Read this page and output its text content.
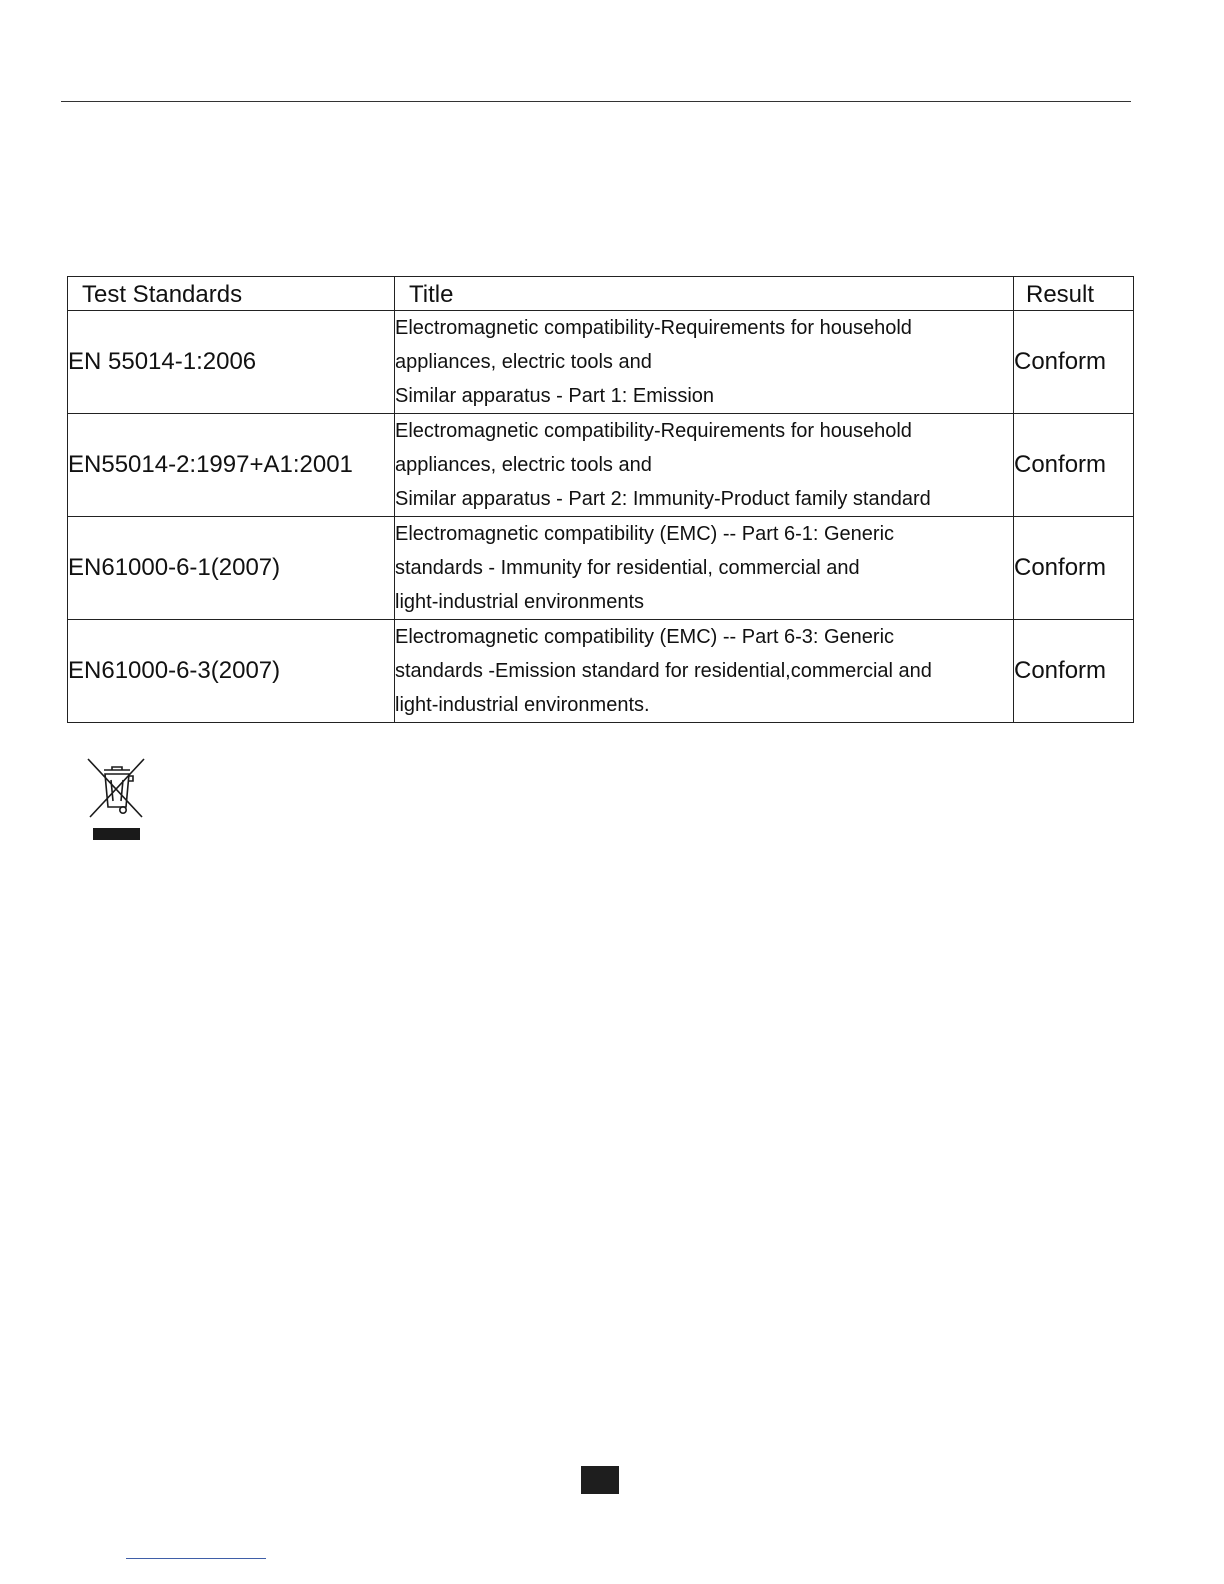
Test Standards	Title	Result
EN 55014-1:2006	Electromagnetic compatibility-Requirements for household
appliances, electric tools and
Similar apparatus - Part 1: Emission	Conform
EN55014-2:1997+A1:2001	Electromagnetic compatibility-Requirements for household
appliances, electric tools and
Similar apparatus - Part 2: Immunity-Product family standard	Conform
EN61000-6-1(2007)	Electromagnetic compatibility (EMC) -- Part 6-1: Generic
standards - Immunity for residential, commercial and
light-industrial environments	Conform
EN61000-6-3(2007)	Electromagnetic compatibility (EMC) -- Part 6-3: Generic
standards -Emission standard for residential,commercial and
light-industrial environments.	Conform
